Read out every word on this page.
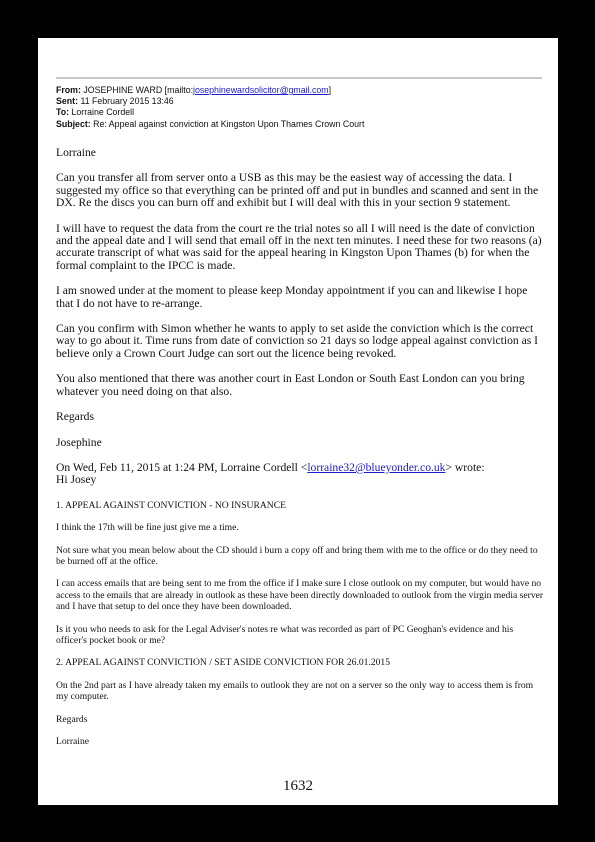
From: JOSEPHINE WARD [mailto:josephinewardsolicitor@gmail.com]
Sent: 11 February 2015 13:46
To: Lorraine Cordell
Subject: Re: Appeal against conviction at Kingston Upon Thames Crown Court
Lorraine
Can you transfer all from server onto a USB as this may be the easiest way of accessing the data. I suggested my office so that everything can be printed off and put in bundles and scanned and sent in the DX. Re the discs you can burn off and exhibit but I will deal with this in your section 9 statement.
I will have to request the data from the court re the trial notes so all I will need is the date of conviction and the appeal date and I will send that email off in the next ten minutes. I need these for two reasons (a) accurate transcript of what was said for the appeal hearing in Kingston Upon Thames (b) for when the formal complaint to the IPCC is made.
I am snowed under at the moment to please keep Monday appointment if you can and likewise I hope that I do not have to re-arrange.
Can you confirm with Simon whether he wants to apply to set aside the conviction which is the correct way to go about it. Time runs from date of conviction so 21 days so lodge appeal against conviction as I believe only a Crown Court Judge can sort out the licence being revoked.
You also mentioned that there was another court in East London or South East London can you bring whatever you need doing on that also.
Regards
Josephine
On Wed, Feb 11, 2015 at 1:24 PM, Lorraine Cordell <lorraine32@blueyonder.co.uk> wrote:
Hi Josey
1. APPEAL AGAINST CONVICTION - NO INSURANCE
I think the 17th will be fine just give me a time.
Not sure what you mean below about the CD should i burn a copy off and bring them with me to the office or do they need to be burned off at the office.
I can access emails that are being sent to me from the office if I make sure I close outlook on my computer, but would have no access to the emails that are already in outlook as these have been directly downloaded to outlook from the virgin media server and I have that setup to del once they have been downloaded.
Is it you who needs to ask for the Legal Adviser's notes re what was recorded as part of PC Geoghan's evidence and his officer's pocket book or me?
2. APPEAL AGAINST CONVICTION / SET ASIDE CONVICTION FOR 26.01.2015
On the 2nd part as I have already taken my emails to outlook they are not on a server so the only way to access them is from my computer.
Regards
Lorraine
1632
